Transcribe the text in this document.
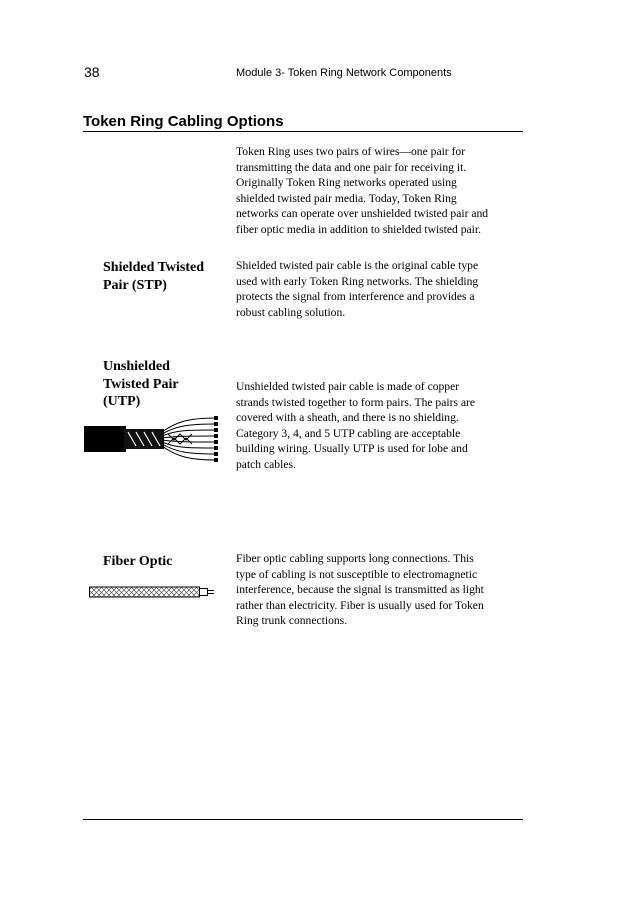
38	Module 3- Token Ring Network Components
Token Ring Cabling Options
Token Ring uses two pairs of wires—one pair for
transmitting the data and one pair for receiving it.
Originally Token Ring networks operated using
shielded twisted pair media. Today, Token Ring
networks can operate over unshielded twisted pair and
fiber optic media in addition to shielded twisted pair.
Shielded Twisted
Pair (STP)
Shielded twisted pair cable is the original cable type
used with early Token Ring networks. The shielding
protects the signal from interference and provides a
robust cabling solution.
Unshielded
Twisted Pair
(UTP)
Unshielded twisted pair cable is made of copper
strands twisted together to form pairs. The pairs are
covered with a sheath, and there is no shielding.
Category 3, 4, and 5 UTP cabling are acceptable
building wiring. Usually UTP is used for lobe and
patch cables.
Fiber Optic	Fiber optic cabling supports long connections. This
type of cabling is not susceptible to electromagnetic
interference, because the signal is transmitted as light
rather than electricity. Fiber is usually used for Token
Ring trunk connections.
